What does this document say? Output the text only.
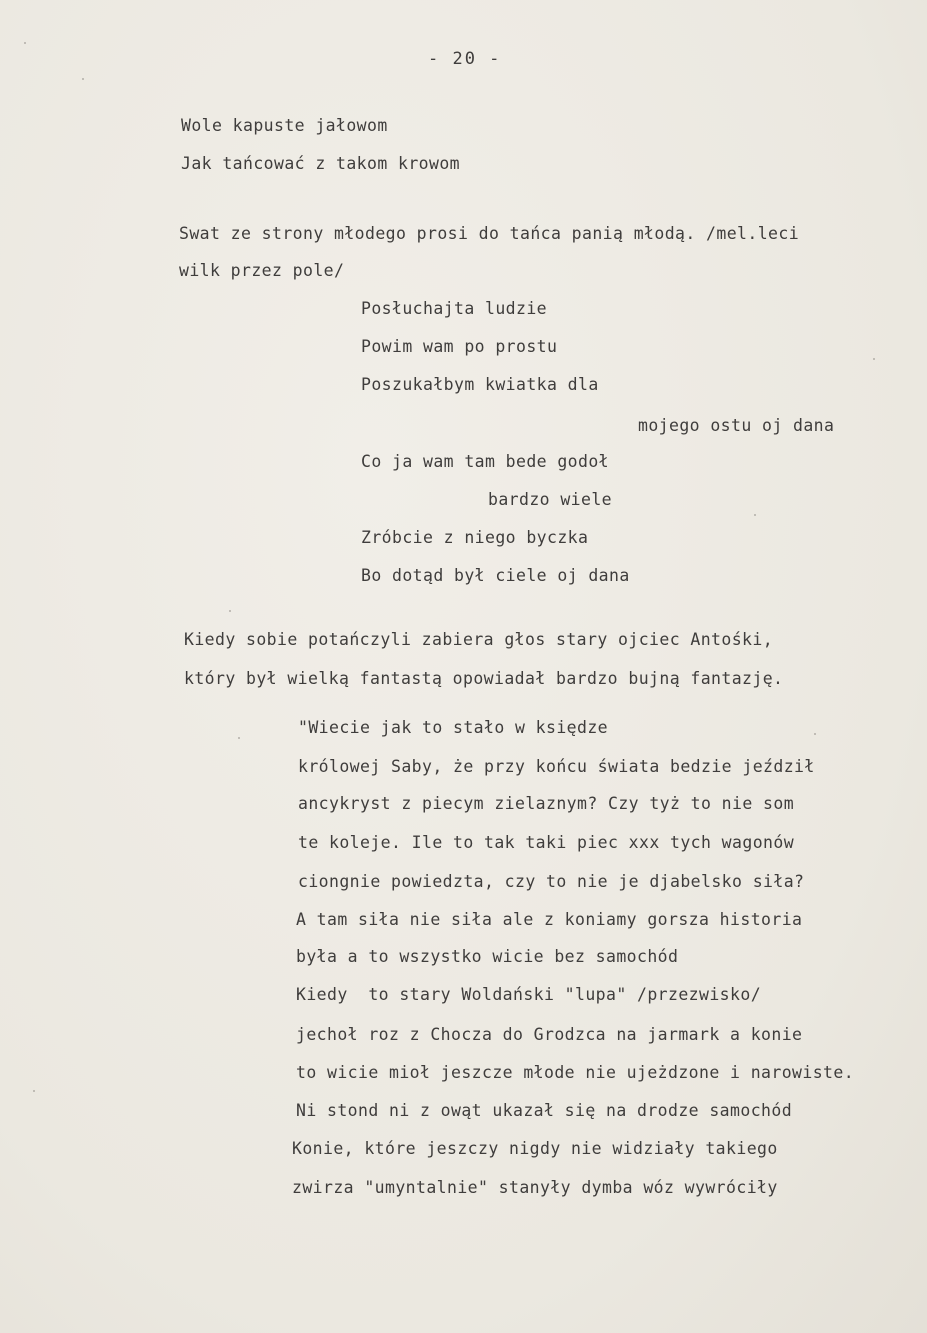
- 20 -
Wole kapuste jałowom
Jak tańcować z takom krowom
Swat ze strony młodego prosi do tańca panią młodą. /mel.leci
wilk przez pole/
Posłuchajta ludzie
Powim wam po prostu
Poszukałbym kwiatka dla
mojego ostu oj dana
Co ja wam tam bede godoł
bardzo wiele
Zróbcie z niego byczka
Bo dotąd był ciele oj dana
Kiedy sobie potańczyli zabiera głos stary ojciec Antośki,
który był wielką fantastą opowiadał bardzo bujną fantazję.
"Wiecie jak to stało w księdze
królowej Saby, że przy końcu świata bedzie jeździł
ancykryst z piecym zielaznym? Czy tyż to nie som
te koleje. Ile to tak taki piec xxx tych wagonów
ciongnie powiedzta, czy to nie je djabelsko siła?
A tam siła nie siła ale z koniamy gorsza historia
była a to wszystko wicie bez samochód
Kiedy  to stary Woldański "lupa" /przezwisko/
jechoł roz z Chocza do Grodzca na jarmark a konie
to wicie mioł jeszcze młode nie ujeżdzone i narowiste.
Ni stond ni z owąt ukazał się na drodze samochód
Konie, które jeszczy nigdy nie widziały takiego
zwirza "umyntalnie" stanyły dymba wóz wywróciły
